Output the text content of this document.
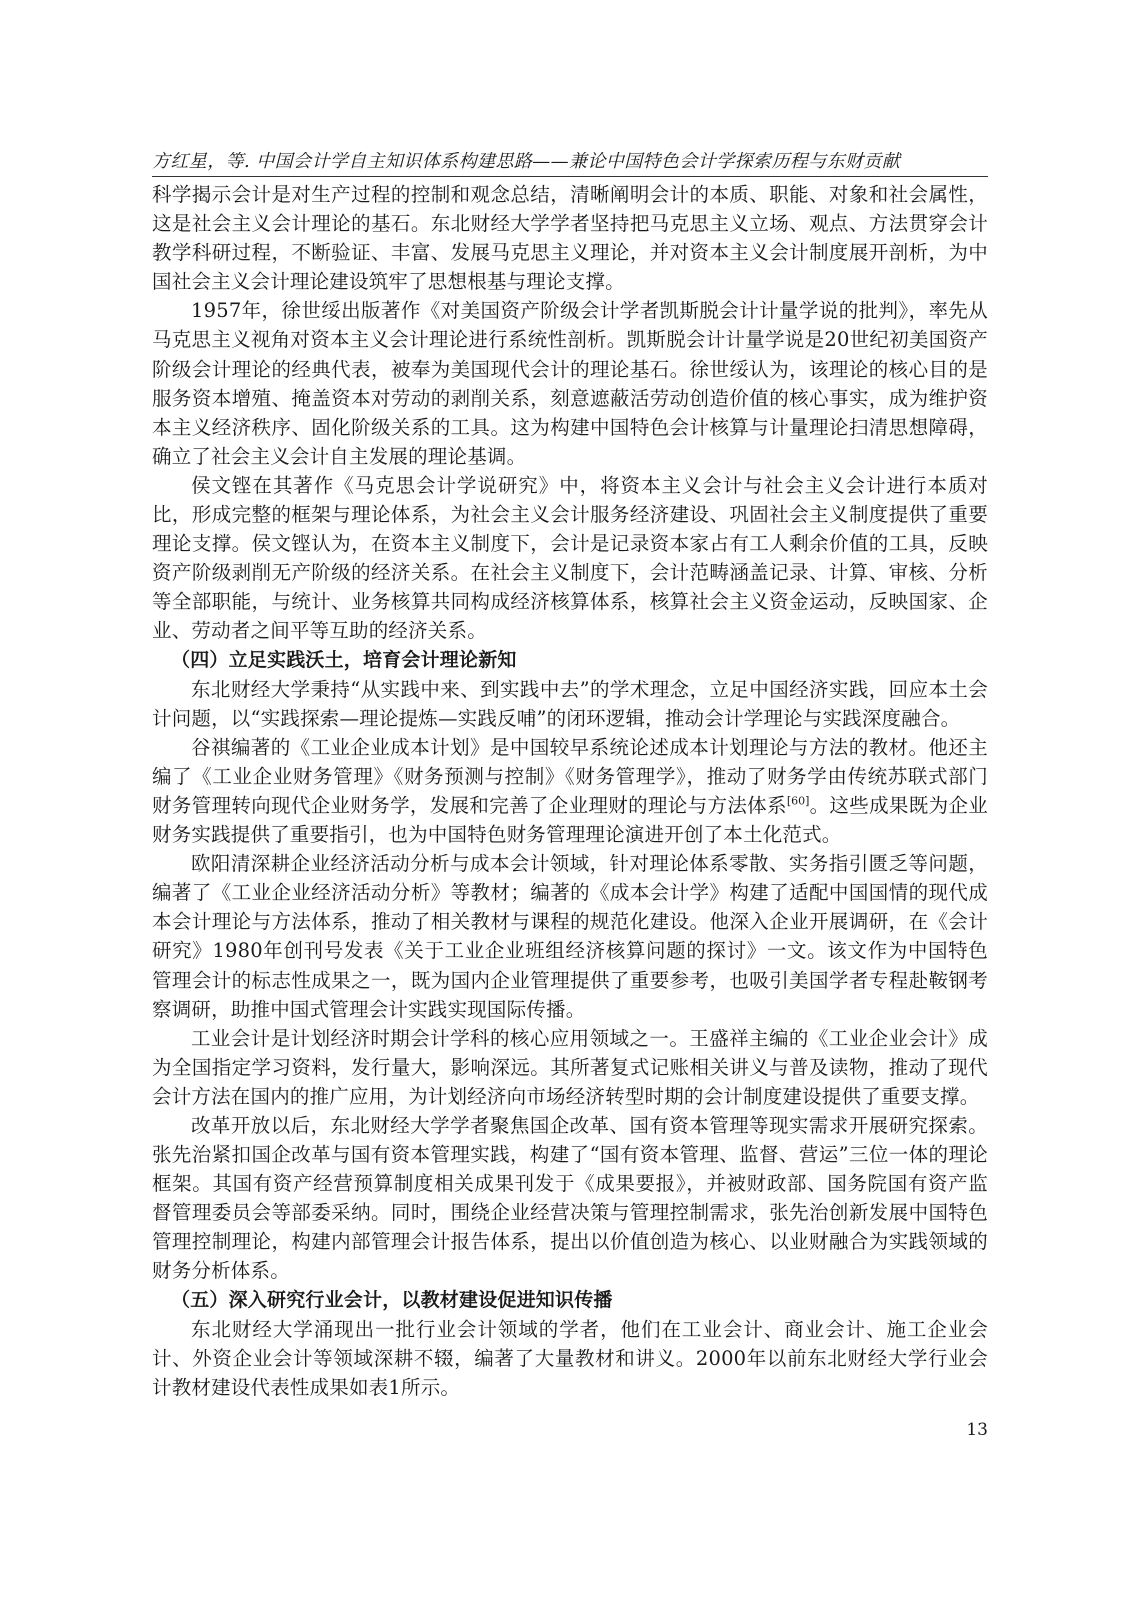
方红星，等. 中国会计学自主知识体系构建思路——兼论中国特色会计学探索历程与东财贡献

科学揭示会计是对生产过程的控制和观念总结，清晰阐明会计的本质、职能、对象和社会属性，这是社会主义会计理论的基石。东北财经大学学者坚持把马克思主义立场、观点、方法贯穿会计教学科研过程，不断验证、丰富、发展马克思主义理论，并对资本主义会计制度展开剖析，为中国社会主义会计理论建设筑牢了思想根基与理论支撑。

1957年，徐世绥出版著作《对美国资产阶级会计学者凯斯脱会计计量学说的批判》，率先从马克思主义视角对资本主义会计理论进行系统性剖析。凯斯脱会计计量学说是20世纪初美国资产阶级会计理论的经典代表，被奉为美国现代会计的理论基石。徐世绥认为，该理论的核心目的是服务资本增殖、掩盖资本对劳动的剥削关系，刻意遮蔽活劳动创造价值的核心事实，成为维护资本主义经济秩序、固化阶级关系的工具。这为构建中国特色会计核算与计量理论扫清思想障碍，确立了社会主义会计自主发展的理论基调。

侯文铿在其著作《马克思会计学说研究》中，将资本主义会计与社会主义会计进行本质对比，形成完整的框架与理论体系，为社会主义会计服务经济建设、巩固社会主义制度提供了重要理论支撑。侯文铿认为，在资本主义制度下，会计是记录资本家占有工人剩余价值的工具，反映资产阶级剥削无产阶级的经济关系。在社会主义制度下，会计范畴涵盖记录、计算、审核、分析等全部职能，与统计、业务核算共同构成经济核算体系，核算社会主义资金运动，反映国家、企业、劳动者之间平等互助的经济关系。

（四）立足实践沃土，培育会计理论新知

东北财经大学秉持“从实践中来、到实践中去”的学术理念，立足中国经济实践，回应本土会计问题，以“实践探索—理论提炼—实践反哺”的闭环逻辑，推动会计学理论与实践深度融合。

谷祺编著的《工业企业成本计划》是中国较早系统论述成本计划理论与方法的教材。他还主编了《工业企业财务管理》《财务预测与控制》《财务管理学》，推动了财务学由传统苏联式部门财务管理转向现代企业财务学，发展和完善了企业理财的理论与方法体系[60]。这些成果既为企业财务实践提供了重要指引，也为中国特色财务管理理论演进开创了本土化范式。

欧阳清深耕企业经济活动分析与成本会计领域，针对理论体系零散、实务指引匮乏等问题，编著了《工业企业经济活动分析》等教材；编著的《成本会计学》构建了适配中国国情的现代成本会计理论与方法体系，推动了相关教材与课程的规范化建设。他深入企业开展调研，在《会计研究》1980年创刊号发表《关于工业企业班组经济核算问题的探讨》一文。该文作为中国特色管理会计的标志性成果之一，既为国内企业管理提供了重要参考，也吸引美国学者专程赴鞍钢考察调研，助推中国式管理会计实践实现国际传播。

工业会计是计划经济时期会计学科的核心应用领域之一。王盛祥主编的《工业企业会计》成为全国指定学习资料，发行量大，影响深远。其所著复式记账相关讲义与普及读物，推动了现代会计方法在国内的推广应用，为计划经济向市场经济转型时期的会计制度建设提供了重要支撑。

改革开放以后，东北财经大学学者聚焦国企改革、国有资本管理等现实需求开展研究探索。张先治紧扣国企改革与国有资本管理实践，构建了“国有资本管理、监督、营运”三位一体的理论框架。其国有资产经营预算制度相关成果刊发于《成果要报》，并被财政部、国务院国有资产监督管理委员会等部委采纳。同时，围绕企业经营决策与管理控制需求，张先治创新发展中国特色管理控制理论，构建内部管理会计报告体系，提出以价值创造为核心、以业财融合为实践领域的财务分析体系。

（五）深入研究行业会计，以教材建设促进知识传播

东北财经大学涌现出一批行业会计领域的学者，他们在工业会计、商业会计、施工企业会计、外资企业会计等领域深耕不辍，编著了大量教材和讲义。2000年以前东北财经大学行业会计教材建设代表性成果如表1所示。

13
